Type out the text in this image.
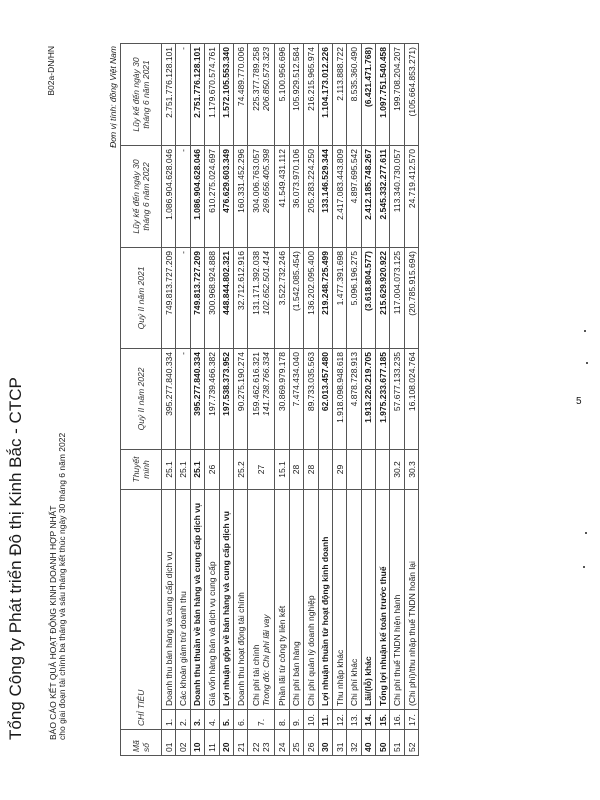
Tổng Công ty Phát triển Đô thị Kinh Bắc - CTCP	BÁO CÁO KẾT QUẢ HOẠT ĐỘNG KINH DOANH HỢP NHẤT cho giai đoạn tài chính ba tháng và sáu tháng kết thúc ngày 30 tháng 6 năm 2022
B02a-DN/HN	Đơn vị tính: đồng Việt Nam
Mã số	CHỈ TIÊU		Thuyết minh	Quý II năm 2022	Quý II năm 2021	Lũy kế đến ngày 30 tháng 6 năm 2022	Lũy kế đến ngày 30 tháng 6 năm 2021

01	1.	Doanh thu bán hàng và cung cấp dịch vụ	25.1	395.277.840.334	749.813.727.209	1.086.904.628.046	2.751.776.128.101

02	2.	Các khoản giảm trừ doanh thu	25.1	-	-	-	-

10	3.	Doanh thu thuần về bán hàng và cung cấp dịch vụ	25.1	395.277.840.334	749.813.727.209	1.086.904.628.046	2.751.776.128.101

11	4.	Giá vốn hàng bán và dịch vụ cung cấp	26	197.739.466.382	300.968.924.888	610.275.024.697	1.179.670.574.761

20	5.	Lợi nhuận gộp về bán hàng và cung cấp dịch vụ		197.538.373.952	448.844.802.321	476.629.603.349	1.572.105.553.340

21	6.	Doanh thu hoạt động tài chính	25.2	90.275.190.274	32.712.612.916	160.331.452.296	74.489.770.006

22 23	7.	Chi phí tài chính Trong đó: Chi phí lãi vay	27	159.462.616.321 141.738.766.334	131.171.392.038 102.652.501.414	304.006.763.057 269.656.405.398	225.377.789.258 206.850.573.323

24	8.	Phần lãi từ công ty liên kết	15.1	30.869.979.178	3.522.732.246	41.549.431.112	5.100.956.696

25	9.	Chi phí bán hàng	28	7.474.434.040	(1.542.085.454)	36.073.970.106	105.929.512.584

26	10.	Chi phí quản lý doanh nghiệp	28	89.733.035.563	136.202.095.400	205.283.224.250	216.215.965.974

30	11.	Lợi nhuận thuần từ hoạt động kinh doanh		62.013.457.480	219.248.725.499	133.146.529.344	1.104.173.012.226

31	12.	Thu nhập khác	29	1.918.098.948.618	1.477.391.698	2.417.083.443.809	2.113.888.722

32	13.	Chi phí khác		4.878.728.913	5.096.196.275	4.897.695.542	8.535.360.490

40	14.	Lãi/(lỗ) khác		1.913.220.219.705	(3.618.804.577)	2.412.185.748.267	(6.421.471.768)

50	15.	Tổng lợi nhuận kế toán trước thuế		1.975.233.677.185	215.629.920.922	2.545.332.277.611	1.097.751.540.458

51	16.	Chi phí thuế TNDN hiện hành	30.2	57.677.133.235	117.004.073.125	113.340.730.057	199.708.204.207

52	17.	(Chi phí)/thu nhập thuế TNDN hoãn lại	30.3	16.108.024.764	(20.785.915.694)	24.719.412.570	(105.664.853.271)
5
